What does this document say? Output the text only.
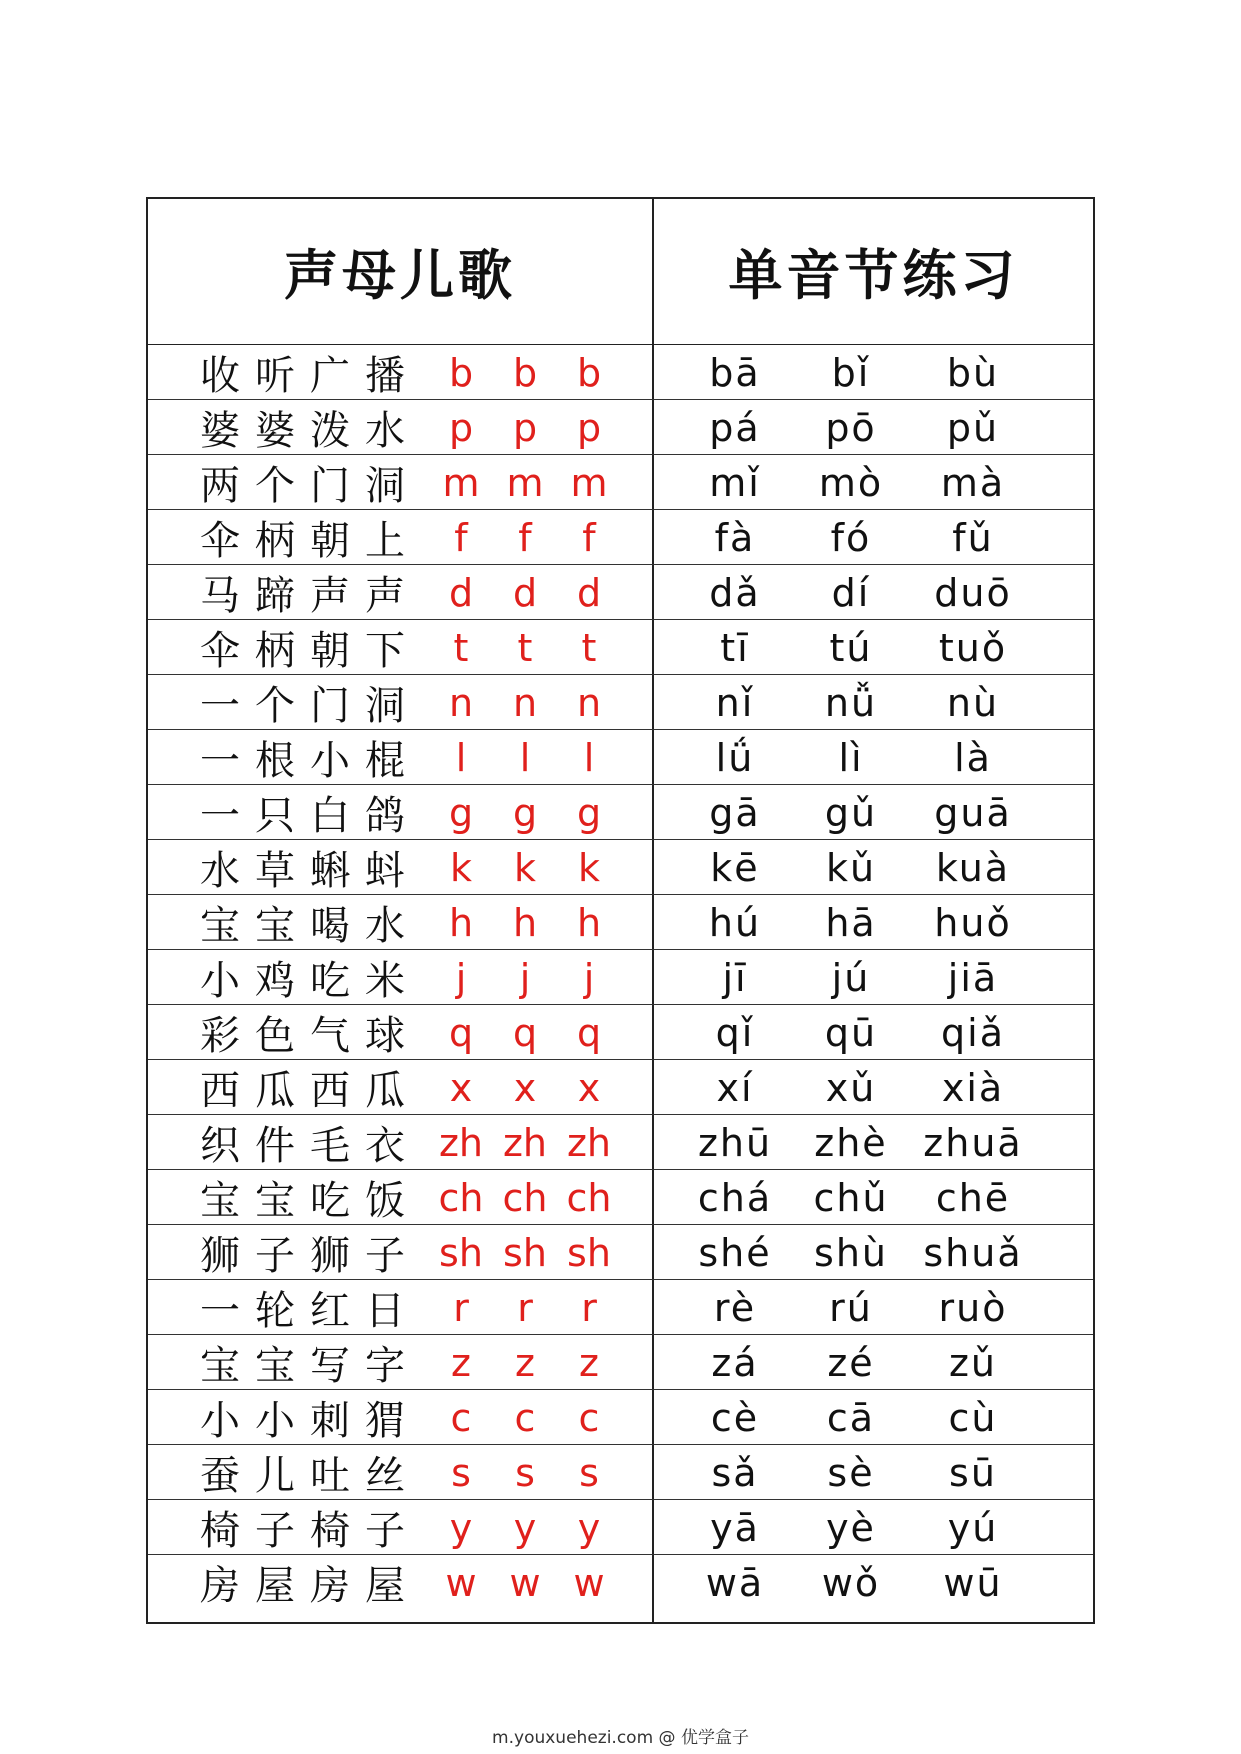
声母儿歌	单音节练习
收听广播 b	b	b	bā	bǐ	bù
婆婆泼水 p	p	p	pá	pō	pǔ
两个门洞 m m m	mǐ	mò	mà
伞柄朝上 f	f	f	fà	fó	fǔ
马蹄声声 d	d	d	dǎ	dí	duō
伞柄朝下 t	t	t	tī	tú	tuǒ
一个门洞 n	n	n	nǐ	nǚ	nù
一根小棍 l	l	l	lǘ	lì	là
一只白鸽 g	g	g	gā	gǔ	guā
水草蝌蚪 k	k	k	kē	kǔ	kuà
宝宝喝水 h	h	h	hú	hā	huǒ
小鸡吃米 j	j	j	jī	jú	jiā
彩色气球 q	q	q	qǐ	qū	qiǎ
西瓜西瓜 x	x	x	xí	xǔ	xià
织件毛衣 zh zh zh	zhū	zhè zhuā
宝宝吃饭 ch ch ch	chá	chǔ	chē
狮子狮子 sh sh sh	shé	shù shuǎ
一轮红日 r	r	r	rè	rú	ruò
宝宝写字 z	z	z	zá	zé	zǔ
小小刺猬 c	c	c	cè	cā	cù
蚕儿吐丝 s	s	s	sǎ	sè	sū
椅子椅子 y	y	y	yā	yè	yú
房屋房屋 w w w	wā	wǒ	wū
m.youxuehezi.com @ 优学盒子
